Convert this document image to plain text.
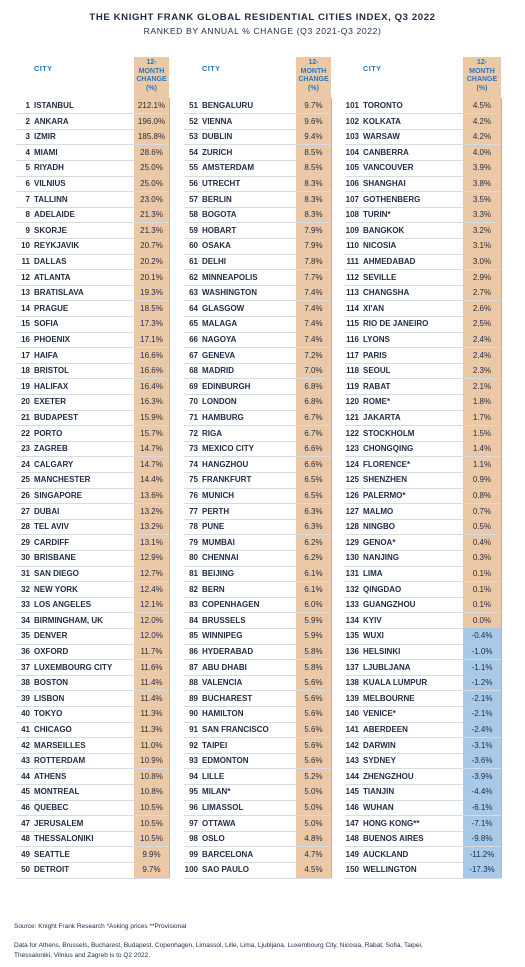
THE KNIGHT FRANK GLOBAL RESIDENTIAL CITIES INDEX, Q3 2022
RANKED BY ANNUAL % CHANGE (Q3 2021-Q3 2022)
CITY
12-
MONTH
CHANGE
(%)
CITY
12-
MONTH
CHANGE
(%)
CITY
12-
MONTH
CHANGE
(%)
1 ISTANBUL	212.1%
2 ANKARA	196.0%
3 IZMIR	185.8%
4 MIAMI	28.6%
5 RIYADH	25.0%
6 VILNIUS	25.0%
7 TALLINN	23.0%
8 ADELAIDE	21.3%
9 SKORJE	21.3%
10 REYKJAVIK	20.7%
11 DALLAS	20.2%
12 ATLANTA	20.1%
13 BRATISLAVA	19.3%
14 PRAGUE	18.5%
15 SOFIA	17.3%
16 PHOENIX	17.1%
17 HAIFA	16.6%
18 BRISTOL	16.6%
19 HALIFAX	16.4%
20 EXETER	16.3%
21 BUDAPEST	15.9%
22 PORTO	15.7%
23 ZAGREB	14.7%
24 CALGARY	14.7%
25 MANCHESTER	14.4%
26 SINGAPORE	13.6%
27 DUBAI	13.2%
28 TEL AVIV	13.2%
29 CARDIFF	13.1%
30 BRISBANE	12.9%
31 SAN DIEGO	12.7%
32 NEW YORK	12.4%
33 LOS ANGELES	12.1%
34 BIRMINGHAM, UK	12.0%
35 DENVER	12.0%
36 OXFORD	11.7%
37 LUXEMBOURG CITY	11.6%
38 BOSTON	11.4%
39 LISBON	11.4%
40 TOKYO	11.3%
41 CHICAGO	11.3%
42 MARSEILLES	11.0%
43 ROTTERDAM	10.9%
44 ATHENS	10.8%
45 MONTREAL	10.8%
46 QUEBEC	10.5%
47 JERUSALEM	10.5%
48 THESSALONIKI	10.5%
49 SEATTLE	9.9%
50 DETROIT	9.7%
51 BENGALURU	9.7%
52 VIENNA	9.6%
53 DUBLIN	9.4%
54 ZURICH	8.5%
55 AMSTERDAM	8.5%
56 UTRECHT	8.3%
57 BERLIN	8.3%
58 BOGOTA	8.3%
59 HOBART	7.9%
60 OSAKA	7.9%
61 DELHI	7.8%
62 MINNEAPOLIS	7.7%
63 WASHINGTON	7.4%
64 GLASGOW	7.4%
65 MALAGA	7.4%
66 NAGOYA	7.4%
67 GENEVA	7.2%
68 MADRID	7.0%
69 EDINBURGH	6.8%
70 LONDON	6.8%
71 HAMBURG	6.7%
72 RIGA	6.7%
73 MEXICO CITY	6.6%
74 HANGZHOU	6.6%
75 FRANKFURT	6.5%
76 MUNICH	6.5%
77 PERTH	6.3%
78 PUNE	6.3%
79 MUMBAI	6.2%
80 CHENNAI	6.2%
81 BEIJING	6.1%
82 BERN	6.1%
83 COPENHAGEN	6.0%
84 BRUSSELS	5.9%
85 WINNIPEG	5.9%
86 HYDERABAD	5.8%
87 ABU DHABI	5.8%
88 VALENCIA	5.6%
89 BUCHAREST	5.6%
90 HAMILTON	5.6%
91 SAN FRANCISCO	5.6%
92 TAIPEI	5.6%
93 EDMONTON	5.6%
94 LILLE	5.2%
95 MILAN*	5.0%
96 LIMASSOL	5.0%
97 OTTAWA	5.0%
98 OSLO	4.8%
99 BARCELONA	4.7%
100 SAO PAULO	4.5%
101 TORONTO	4.5%
102 KOLKATA	4.2%
103 WARSAW	4.2%
104 CANBERRA	4.0%
105 VANCOUVER	3.9%
106 SHANGHAI	3.8%
107 GOTHENBERG	3.5%
108 TURIN*	3.3%
109 BANGKOK	3.2%
110 NICOSIA	3.1%
111 AHMEDABAD	3.0%
112 SEVILLE	2.9%
113 CHANGSHA	2.7%
114 XI'AN	2.6%
115 RIO DE JANEIRO	2.5%
116 LYONS	2.4%
117 PARIS	2.4%
118 SEOUL	2.3%
119 RABAT	2.1%
120 ROME*	1.8%
121 JAKARTA	1.7%
122 STOCKHOLM	1.5%
123 CHONGQING	1.4%
124 FLORENCE*	1.1%
125 SHENZHEN	0.9%
126 PALERMO*	0.8%
127 MALMO	0.7%
128 NINGBO	0.5%
129 GENOA*	0.4%
130 NANJING	0.3%
131 LIMA	0.1%
132 QINGDAO	0.1%
133 GUANGZHOU	0.1%
134 KYIV	0.0%
135 WUXI	-0.4%
136 HELSINKI	-1.0%
137 LJUBLJANA	-1.1%
138 KUALA LUMPUR	-1.2%
139 MELBOURNE	-2.1%
140 VENICE*	-2.1%
141 ABERDEEN	-2.4%
142 DARWIN	-3.1%
143 SYDNEY	-3.6%
144 ZHENGZHOU	-3.9%
145 TIANJIN	-4.4%
146 WUHAN	-6.1%
147 HONG KONG**	-7.1%
148 BUENOS AIRES	-9.8%
149 AUCKLAND	-11.2%
150 WELLINGTON	-17.3%
Source: Knight Frank Research *Asking prices **Provisional
Data for Athens, Brussels, Bucharest, Budapest, Copenhagen, Limassol, Lille, Lima, Ljubljana, Luxembourg City, Nicosia, Rabat, Sofia, Taipei,
Thessaloniki, Vilnius and Zagreb is to Q2 2022.
